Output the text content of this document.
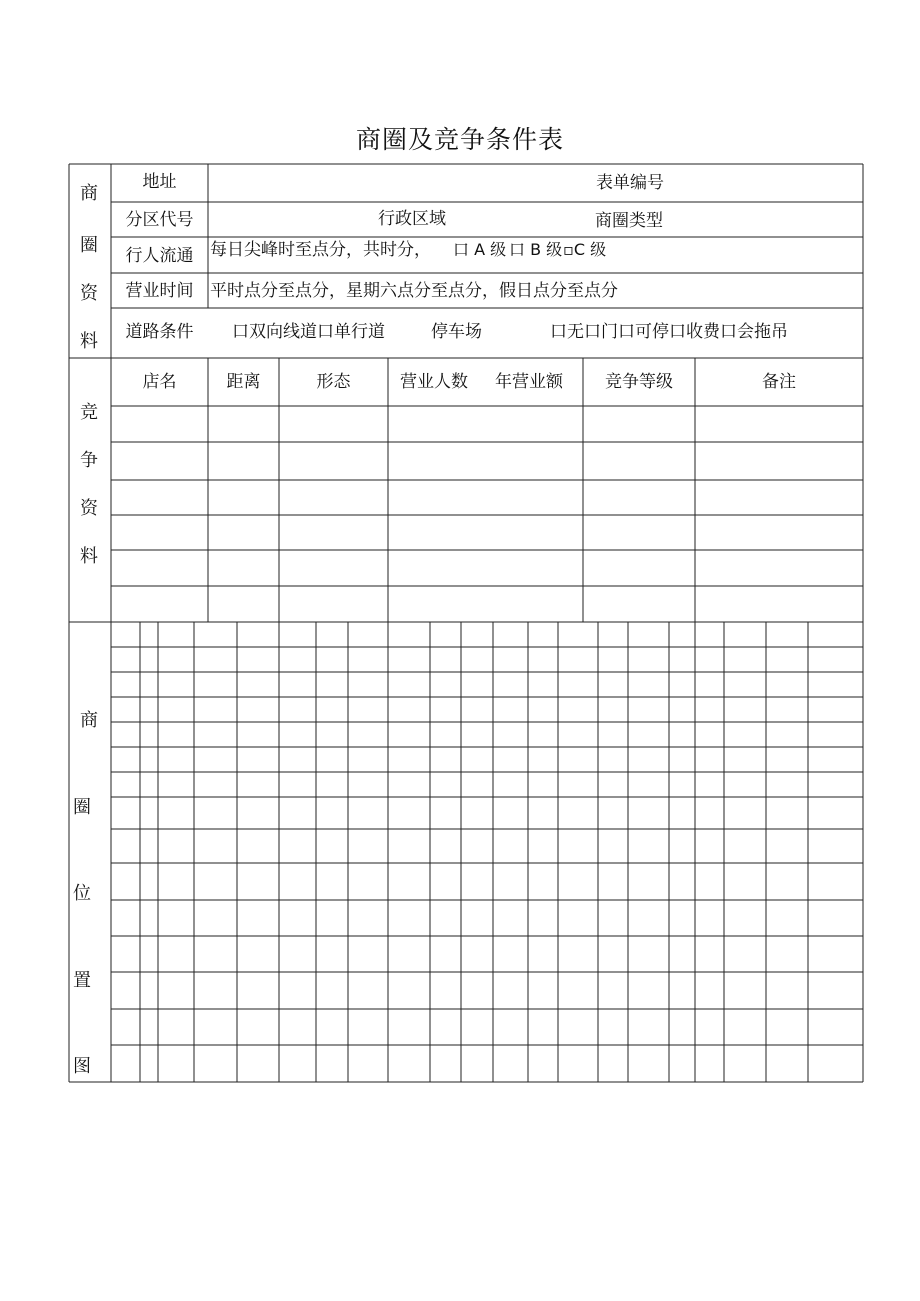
商圈及竞争条件表
商
圈
资
料
地址	表单编号
分区代号	行政区域	商圈类型
行人流通 每日尖峰时至点分，共时分， 口 A 级 口 B 级 ▫C 级
营业时间 平时点分至点分，星期六点分至点分，假日点分至点分
道路条件	口双向线道口单行道	停车场	口无口门口可停口收费口会拖吊
竞
争
资
料
店名	距离	形态	营业人数 年营业额	竞争等级	备注
商
圈
位
置
图
